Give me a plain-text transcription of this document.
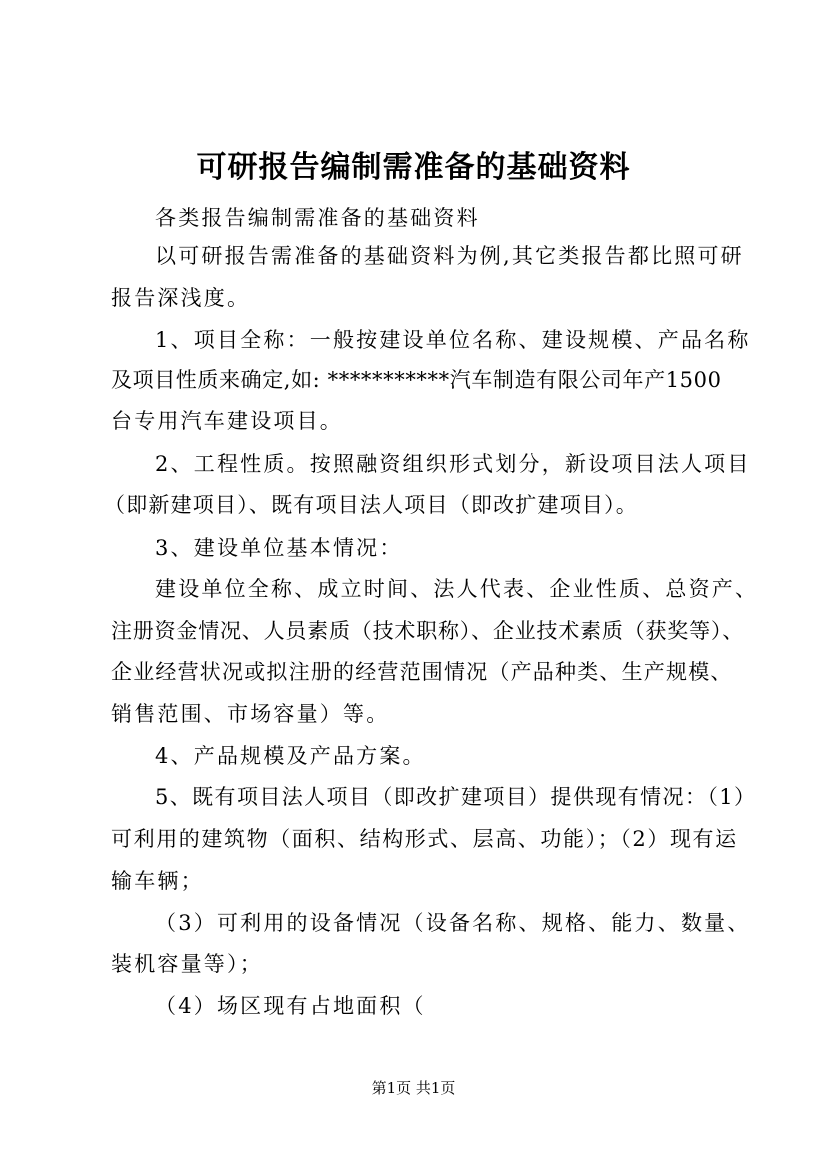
可研报告编制需准备的基础资料
各类报告编制需准备的基础资料
以可研报告需准备的基础资料为例,其它类报告都比照可研
报告深浅度。
1、项目全称：一般按建设单位名称、建设规模、产品名称
及项目性质来确定,如: ***********汽车制造有限公司年产1500
台专用汽车建设项目。
2、工程性质。按照融资组织形式划分，新设项目法人项目
（即新建项目）、既有项目法人项目（即改扩建项目）。
3、建设单位基本情况：
建设单位全称、成立时间、法人代表、企业性质、总资产、
注册资金情况、人员素质（技术职称）、企业技术素质（获奖等）、
企业经营状况或拟注册的经营范围情况（产品种类、生产规模、
销售范围、市场容量）等。
4、产品规模及产品方案。
5、既有项目法人项目（即改扩建项目）提供现有情况：（1）
可利用的建筑物（面积、结构形式、层高、功能）；（2）现有运
输车辆；
（3）可利用的设备情况（设备名称、规格、能力、数量、
装机容量等）；
（4）场区现有占地面积（
第1页 共1页
